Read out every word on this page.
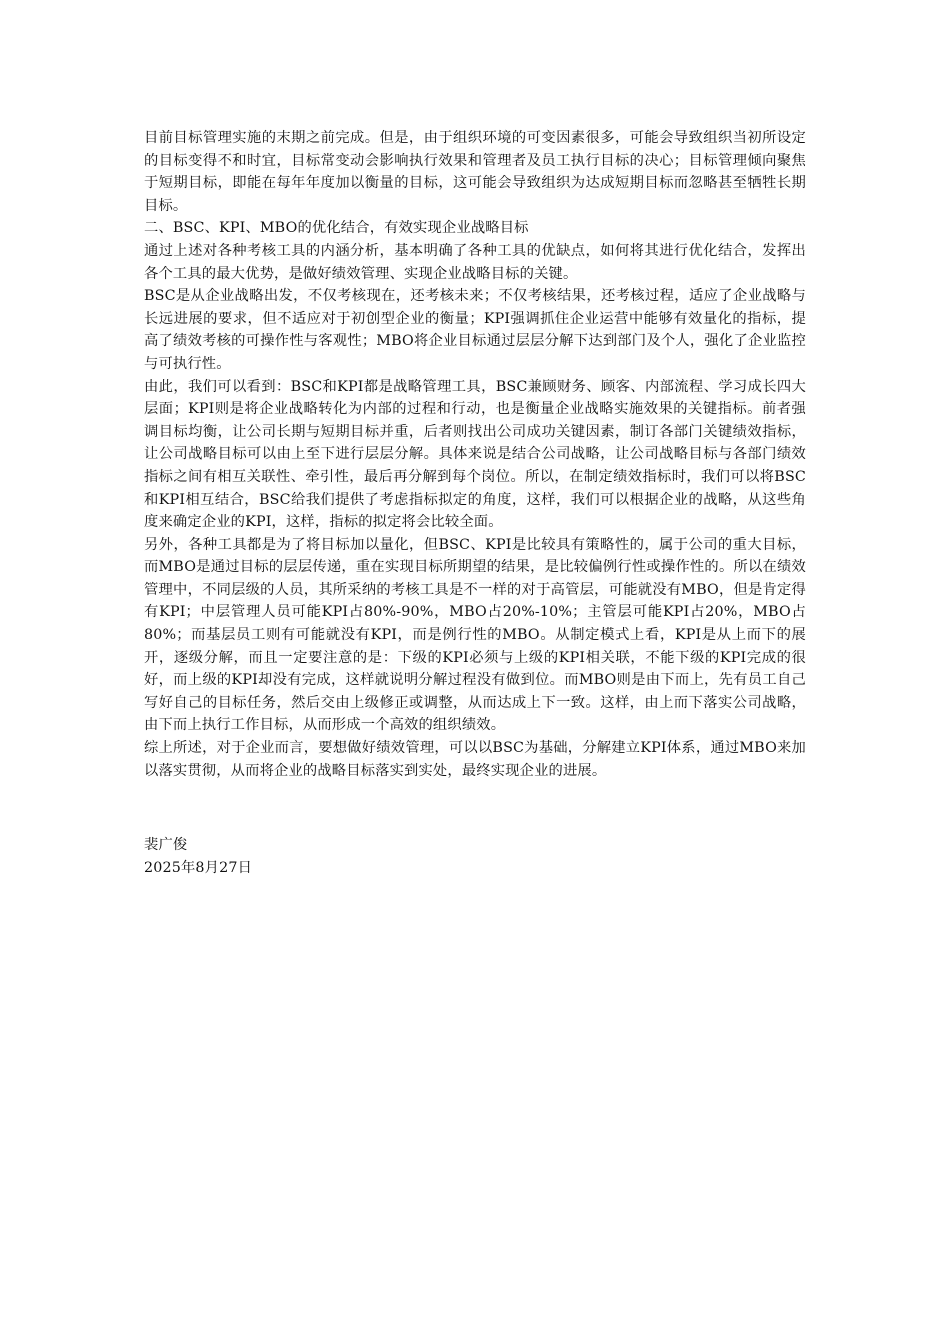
目前目标管理实施的末期之前完成。但是，由于组织环境的可变因素很多，可能会导致组织当初所设定的目标变得不和时宜，目标常变动会影响执行效果和管理者及员工执行目标的决心；目标管理倾向聚焦于短期目标，即能在每年年度加以衡量的目标，这可能会导致组织为达成短期目标而忽略甚至牺牲长期目标。

二、BSC、KPI、MBO的优化结合，有效实现企业战略目标

通过上述对各种考核工具的内涵分析，基本明确了各种工具的优缺点，如何将其进行优化结合，发挥出各个工具的最大优势，是做好绩效管理、实现企业战略目标的关键。

BSC是从企业战略出发，不仅考核现在，还考核未来；不仅考核结果，还考核过程，适应了企业战略与长远进展的要求，但不适应对于初创型企业的衡量；KPI强调抓住企业运营中能够有效量化的指标，提高了绩效考核的可操作性与客观性；MBO将企业目标通过层层分解下达到部门及个人，强化了企业监控与可执行性。

由此，我们可以看到：BSC和KPI都是战略管理工具，BSC兼顾财务、顾客、内部流程、学习成长四大层面；KPI则是将企业战略转化为内部的过程和行动，也是衡量企业战略实施效果的关键指标。前者强调目标均衡，让公司长期与短期目标并重，后者则找出公司成功关键因素，制订各部门关键绩效指标，让公司战略目标可以由上至下进行层层分解。具体来说是结合公司战略，让公司战略目标与各部门绩效指标之间有相互关联性、牵引性，最后再分解到每个岗位。所以，在制定绩效指标时，我们可以将BSC和KPI相互结合，BSC给我们提供了考虑指标拟定的角度，这样，我们可以根据企业的战略，从这些角度来确定企业的KPI，这样，指标的拟定将会比较全面。

另外，各种工具都是为了将目标加以量化，但BSC、KPI是比较具有策略性的，属于公司的重大目标，而MBO是通过目标的层层传递，重在实现目标所期望的结果，是比较偏例行性或操作性的。所以在绩效管理中，不同层级的人员，其所采纳的考核工具是不一样的对于高管层，可能就没有MBO，但是肯定得有KPI；中层管理人员可能KPI占80%-90%，MBO占20%-10%；主管层可能KPI占20%，MBO占80%；而基层员工则有可能就没有KPI，而是例行性的MBO。从制定模式上看，KPI是从上而下的展开，逐级分解，而且一定要注意的是：下级的KPI必须与上级的KPI相关联，不能下级的KPI完成的很好，而上级的KPI却没有完成，这样就说明分解过程没有做到位。而MBO则是由下而上，先有员工自己写好自己的目标任务，然后交由上级修正或调整，从而达成上下一致。这样，由上而下落实公司战略，由下而上执行工作目标，从而形成一个高效的组织绩效。

综上所述，对于企业而言，要想做好绩效管理，可以以BSC为基础，分解建立KPI体系，通过MBO来加以落实贯彻，从而将企业的战略目标落实到实处，最终实现企业的进展。

裴广俊
2025年8月27日
